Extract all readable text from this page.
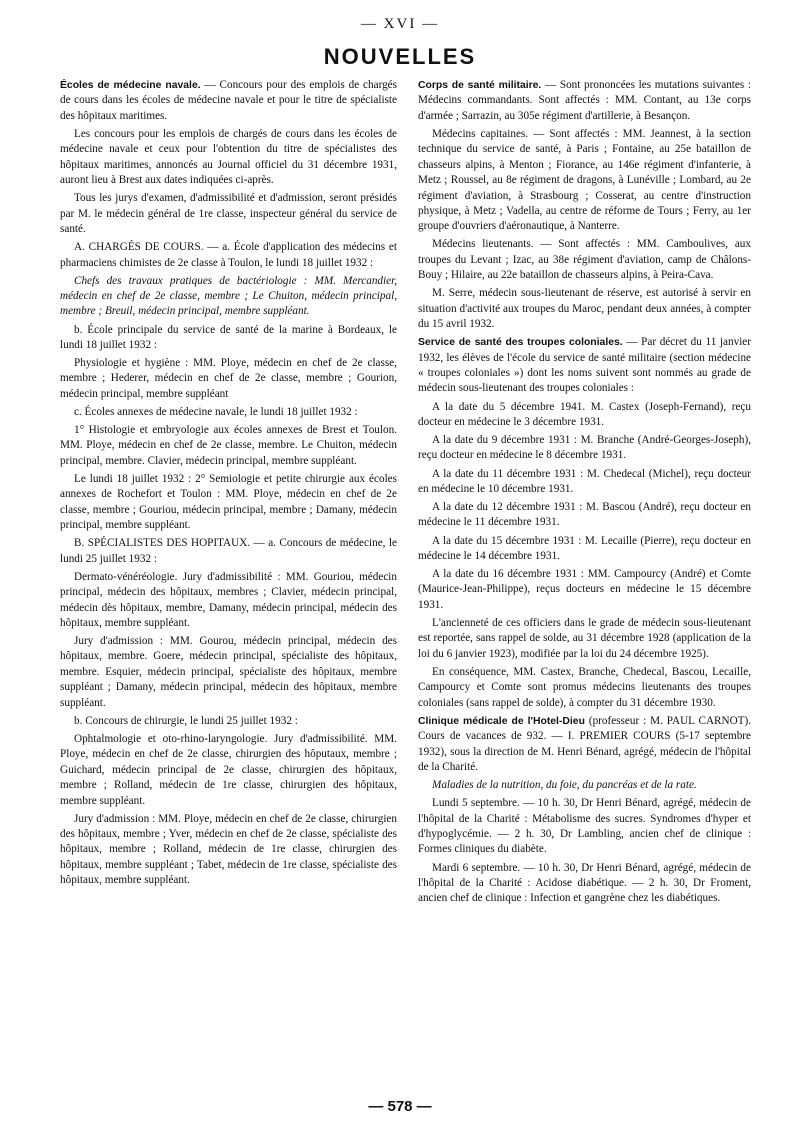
— XVI —
NOUVELLES

Écoles de médecine navale. — Concours pour des emplois de chargés de cours dans les écoles de médecine navale et pour le titre de spécialiste des hôpitaux maritimes.

Les concours pour les emplois de chargés de cours dans les écoles de médecine navale et ceux pour l'obtention du titre de spécialistes des hôpitaux maritimes, annoncés au Journal officiel du 31 décembre 1931, auront lieu à Brest aux dates indiquées ci-après.

Tous les jurys d'examen, d'admissibilité et d'admission, seront présidés par M. le médecin général de 1re classe, inspecteur général du service de santé.

A. CHARGÉS DE COURS. — a. École d'application des médecins et pharmaciens chimistes de 2e classe à Toulon, le lundi 18 juillet 1932 :

Chefs des travaux pratiques de bactériologie : MM. Mercandier, médecin en chef de 2e classe, membre ; Le Chuiton, médecin principal, membre ; Breuil, médecin principal, membre suppléant.

b. École principale du service de santé de la marine à Bordeaux, le lundi 18 juillet 1932 :

Physiologie et hygiène : MM. Ploye, médecin en chef de 2e classe, membre ; Hederer, médecin en chef de 2e classe, membre ; Gourion, médecin principal, membre suppléant

c. Écoles annexes de médecine navale, le lundi 18 juillet 1932 :

1° Histologie et embryologie aux écoles annexes de Brest et Toulon. MM. Ploye, médecin en chef de 2e classe, membre. Le Chuiton, médecin principal, membre. Clavier, médecin principal, membre suppléant.

Le lundi 18 juillet 1932 : 2° Semiologie et petite chirurgie aux écoles annexes de Rochefort et Toulon : MM. Ploye, médecin en chef de 2e classe, membre ; Gouriou, médecin principal, membre ; Damany, médecin principal, membre suppléant.

B. SPÉCIALISTES DES HOPITAUX. — a. Concours de médecine, le lundi 25 juillet 1932 :

Dermato-vénéréologie. Jury d'admissibilité : MM. Gouriou, médecin principal, médecin des hôpitaux, membres ; Clavier, médecin principal, médecin dès hôpitaux, membre, Damany, médecin principal, médecin des hôpitaux, membre suppléant.

Jury d'admission : MM. Gourou, médecin principal, médecin des hôpitaux, membre. Goere, médecin principal, spécialiste des hôpitaux, membre. Esquier, médecin principal, spécialiste des hôpitaux, membre suppléant ; Damany, médecin principal, médecin des hôpitaux, membre suppléant.

b. Concours de chirurgie, le lundi 25 juillet 1932 :

Ophtalmologie et oto-rhino-laryngologie. Jury d'admissibilité. MM. Ploye, médecin en chef de 2e classe, chirurgien des hôputaux, membre ; Guichard, médecin principal de 2e classe, chirurgien des hôpitaux, membre ; Rolland, médecin de 1re classe, chirurgien des hôpitaux, membre suppléant.

Jury d'admission : MM. Ploye, médecin en chef de 2e classe, chirurgien des hôpitaux, membre ; Yver, médecin en chef de 2e classe, spécialiste des hôpitaux, membre ; Rolland, médecin de 1re classe, chirurgien des hôpitaux, membre suppléant ; Tabet, médecin de 1re classe, spécialiste des hôpitaux, membre suppléant.

Corps de santé militaire. — Sont prononcées les mutations suivantes : Médecins commandants. Sont affectés : MM. Contant, au 13e corps d'armée ; Sarrazin, au 305e régiment d'artillerie, à Besançon.

Médecins capitaines. — Sont affectés : MM. Jeannest, à la section technique du service de santé, à Paris ; Fontaine, au 25e bataillon de chasseurs alpins, à Menton ; Fiorance, au 146e régiment d'infanterie, à Metz ; Roussel, au 8e régiment de dragons, à Lunéville ; Lombard, au 2e régiment d'aviation, à Strasbourg ; Cosserat, au centre d'instruction physique, à Metz ; Vadella, au centre de réforme de Tours ; Ferry, au 1er groupe d'ouvriers d'aéronautique, à Nanterre.

Médecins lieutenants. — Sont affectés : MM. Camboulives, aux troupes du Levant ; Izac, au 38e régiment d'aviation, camp de Châlons-Bouy ; Hilaire, au 22e bataillon de chasseurs alpins, à Peira-Cava.

M. Serre, médecin sous-lieutenant de réserve, est autorisé à servir en situation d'activité aux troupes du Maroc, pendant deux années, à compter du 15 avril 1932.

Service de santé des troupes coloniales. — Par décret du 11 janvier 1932, les élèves de l'école du service de santé militaire (section médecine « troupes coloniales ») dont les noms suivent sont nommés au grade de médecin sous-lieutenant des troupes coloniales :

A la date du 5 décembre 1941. M. Castex (Joseph-Fernand), reçu docteur en médecine le 3 décembre 1931.

A la date du 9 décembre 1931 : M. Branche (André-Georges-Joseph), reçu docteur en médecine le 8 décembre 1931.

A la date du 11 décembre 1931 : M. Chedecal (Michel), reçu docteur en médecine le 10 décembre 1931.

A la date du 12 décembre 1931 : M. Bascou (André), reçu docteur en médecine le 11 décembre 1931.

A la date du 15 décembre 1931 : M. Lecaille (Pierre), reçu docteur en médecine le 14 décembre 1931.

A la date du 16 décembre 1931 : MM. Campourcy (André) et Comte (Maurice-Jean-Philippe), reçus docteurs en médecine le 15 décembre 1931.

L'ancienneté de ces officiers dans le grade de médecin sous-lieutenant est reportée, sans rappel de solde, au 31 décembre 1928 (application de la loi du 6 janvier 1923), modifiée par la loi du 24 décembre 1925).

En conséquence, MM. Castex, Branche, Chedecal, Bascou, Lecaille, Campourcy et Comte sont promus médecins lieutenants des troupes coloniales (sans rappel de solde), à compter du 31 décembre 1930.

Clinique médicale de l'Hotel-Dieu (professeur : M. PAUL CARNOT). Cours de vacances de 932. — I. PREMIER COURS (5-17 septembre 1932), sous la direction de M. Henri Bénard, agrégé, médecin de l'hôpital de la Charité.

Maladies de la nutrition, du foie, du pancréas et de la rate.

Lundi 5 septembre. — 10 h. 30, Dr Henri Bénard, agrégé, médecin de l'hôpital de la Charité : Métabolisme des sucres. Syndromes d'hyper et d'hypoglycémie. — 2 h. 30, Dr Lambling, ancien chef de clinique : Formes cliniques du diabète.

Mardi 6 septembre. — 10 h. 30, Dr Henri Bénard, agrégé, médecin de l'hôpital de la Charité : Acidose diabétique. — 2 h. 30, Dr Froment, ancien chef de clinique : Infection et gangrène chez les diabétiques.

— 578 —
